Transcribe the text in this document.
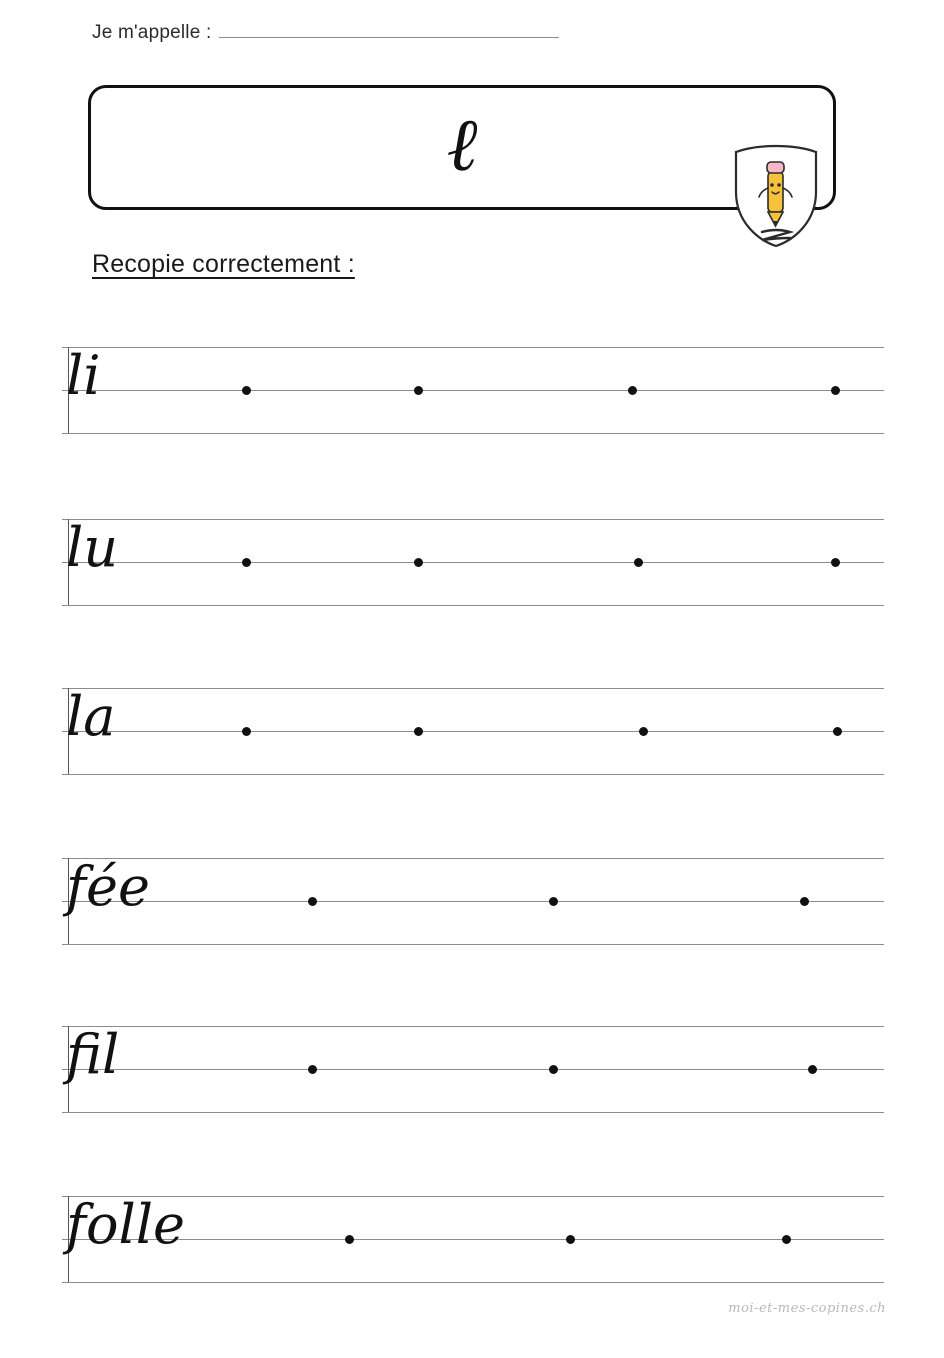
Je m'appelle :
ℓ
Recopie correctement :
li
lu
la
fée
fil
folle
moi-et-mes-copines.ch
